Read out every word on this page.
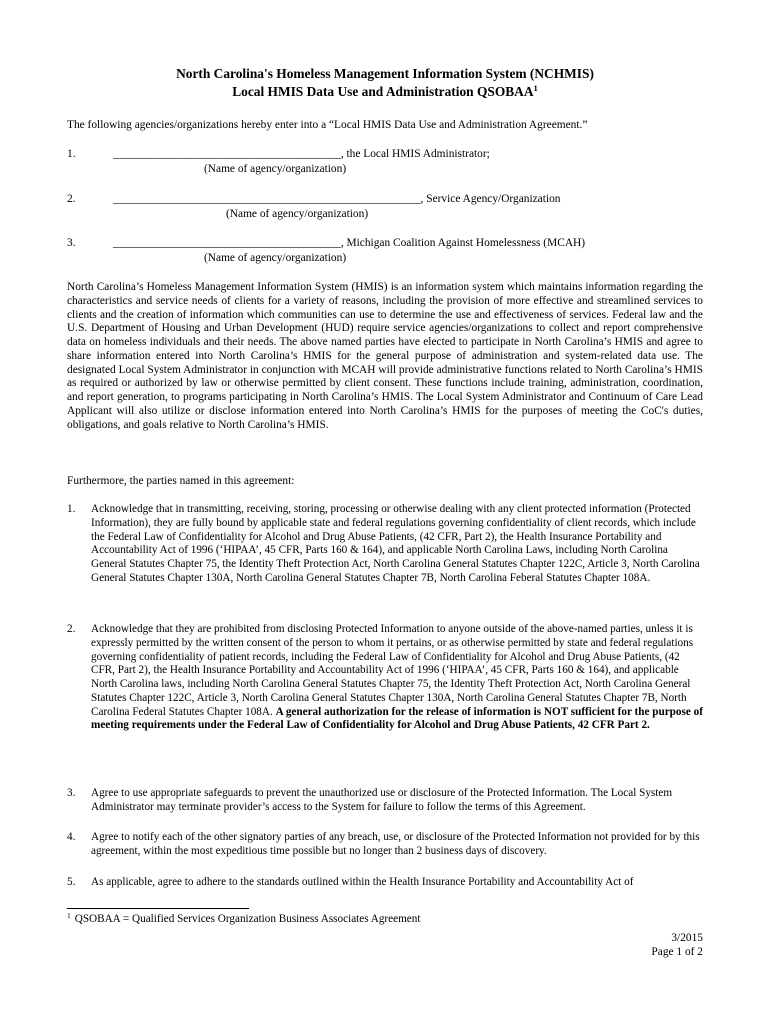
North Carolina's Homeless Management Information System (NCHMIS)
Local HMIS Data Use and Administration QSOBAA$^1$
The following agencies/organizations hereby enter into a “Local HMIS Data Use and Administration Agreement.”
1.	________________________________________, the Local HMIS Administrator;
(Name of agency/organization)
2.	______________________________________________________, Service Agency/Organization
(Name of agency/organization)
3.	________________________________________, Michigan Coalition Against Homelessness (MCAH)
(Name of agency/organization)
North Carolina’s Homeless Management Information System (HMIS) is an information system which maintains information regarding the characteristics and service needs of clients for a variety of reasons, including the provision of more effective and streamlined services to clients and the creation of information which communities can use to determine the use and effectiveness of services. Federal law and the U.S. Department of Housing and Urban Development (HUD) require service agencies/organizations to collect and report comprehensive data on homeless individuals and their needs. The above named parties have elected to participate in North Carolina’s HMIS and agree to share information entered into North Carolina’s HMIS for the general purpose of administration and system-related data use. The designated Local System Administrator in conjunction with MCAH will provide administrative functions related to North Carolina’s HMIS as required or authorized by law or otherwise permitted by client consent. These functions include training, administration, coordination, and report generation, to programs participating in North Carolina’s HMIS. The Local System Administrator and Continuum of Care Lead Applicant will also utilize or disclose information entered into North Carolina’s HMIS for the purposes of meeting the CoC's duties, obligations, and goals relative to North Carolina’s HMIS.
Furthermore, the parties named in this agreement:
1. Acknowledge that in transmitting, receiving, storing, processing or otherwise dealing with any client protected information (Protected Information), they are fully bound by applicable state and federal regulations governing confidentiality of client records, which include the Federal Law of Confidentiality for Alcohol and Drug Abuse Patients, (42 CFR, Part 2), the Health Insurance Portability and Accountability Act of 1996 (‘HIPAA’, 45 CFR, Parts 160 & 164), and applicable North Carolina Laws, including North Carolina General Statutes Chapter 75, the Identity Theft Protection Act, North Carolina General Statutes Chapter 122C, Article 3, North Carolina General Statutes Chapter 130A, North Carolina General Statutes Chapter 7B, North Carolina Feberal Statutes Chapter 108A.
2. Acknowledge that they are prohibited from disclosing Protected Information to anyone outside of the above-named parties, unless it is expressly permitted by the written consent of the person to whom it pertains, or as otherwise permitted by state and federal regulations governing confidentiality of patient records, including the Federal Law of Confidentiality for Alcohol and Drug Abuse Patients, (42 CFR, Part 2), the Health Insurance Portability and Accountability Act of 1996 (‘HIPAA’, 45 CFR, Parts 160 & 164), and applicable North Carolina laws, including North Carolina General Statutes Chapter 75, the Identity Theft Protection Act, North Carolina General Statutes Chapter 122C, Article 3, North Carolina General Statutes Chapter 130A, North Carolina General Statutes Chapter 7B, North Carolina Federal Statutes Chapter 108A. A general authorization for the release of information is NOT sufficient for the purpose of meeting requirements under the Federal Law of Confidentiality for Alcohol and Drug Abuse Patients, 42 CFR Part 2.
3. Agree to use appropriate safeguards to prevent the unauthorized use or disclosure of the Protected Information. The Local System Administrator may terminate provider’s access to the System for failure to follow the terms of this Agreement.
4. Agree to notify each of the other signatory parties of any breach, use, or disclosure of the Protected Information not provided for by this agreement, within the most expeditious time possible but no longer than 2 business days of discovery.
5. As applicable, agree to adhere to the standards outlined within the Health Insurance Portability and Accountability Act of
$^1$ QSOBAA = Qualified Services Organization Business Associates Agreement
3/2015
Page 1 of 2
